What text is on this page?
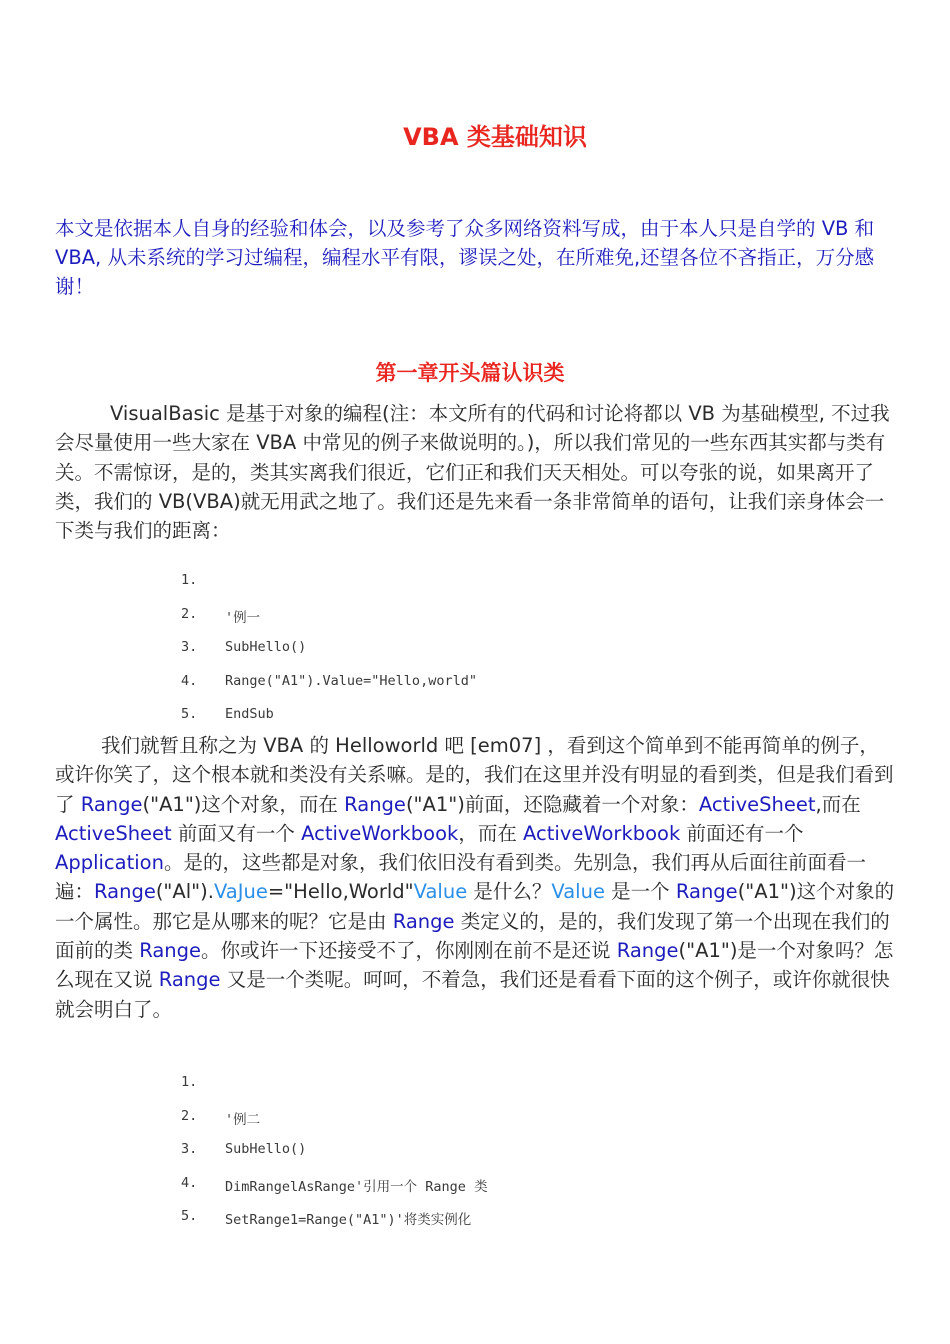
VBA 类基础知识

本文是依据本人自身的经验和体会，以及参考了众多网络资料写成，由于本人只是自学的 VB 和 VBA, 从未系统的学习过编程，编程水平有限，谬误之处，在所难免,还望各位不吝指正，万分感谢！

第一章开头篇认识类

VisualBasic 是基于对象的编程(注：本文所有的代码和讨论将都以 VB 为基础模型, 不过我会尽量使用一些大家在 VBA 中常见的例子来做说明的。)，所以我们常见的一些东西其实都与类有关。不需惊讶，是的，类其实离我们很近，它们正和我们天天相处。可以夸张的说，如果离开了类，我们的 VB(VBA)就无用武之地了。我们还是先来看一条非常简单的语句，让我们亲身体会一下类与我们的距离：

1.
2. '例一
3. SubHello()
4. Range("A1").Value="Hello,world"
5. EndSub

我们就暂且称之为 VBA 的 Helloworld 吧 [em07] ，看到这个简单到不能再简单的例子，或许你笑了，这个根本就和类没有关系嘛。是的，我们在这里并没有明显的看到类，但是我们看到了 Range("A1")这个对象，而在 Range("A1")前面，还隐藏着一个对象：ActiveSheet,而在 ActiveSheet 前面又有一个 ActiveWorkbook，而在 ActiveWorkbook 前面还有一个 Application。是的，这些都是对象，我们依旧没有看到类。先别急，我们再从后面往前面看一遍：Range("Al").VaJue="Hello,World"Value 是什么？Value 是一个 Range("A1")这个对象的一个属性。那它是从哪来的呢？它是由 Range 类定义的，是的，我们发现了第一个出现在我们的面前的类 Range。你或许一下还接受不了，你刚刚在前不是还说 Range("A1")是一个对象吗？怎么现在又说 Range 又是一个类呢。呵呵，不着急，我们还是看看下面的这个例子，或许你就很快就会明白了。

1.
2. '例二
3. SubHello()
4. DimRangelAsRange'引用一个 Range 类
5. SetRange1=Range("A1")'将类实例化
